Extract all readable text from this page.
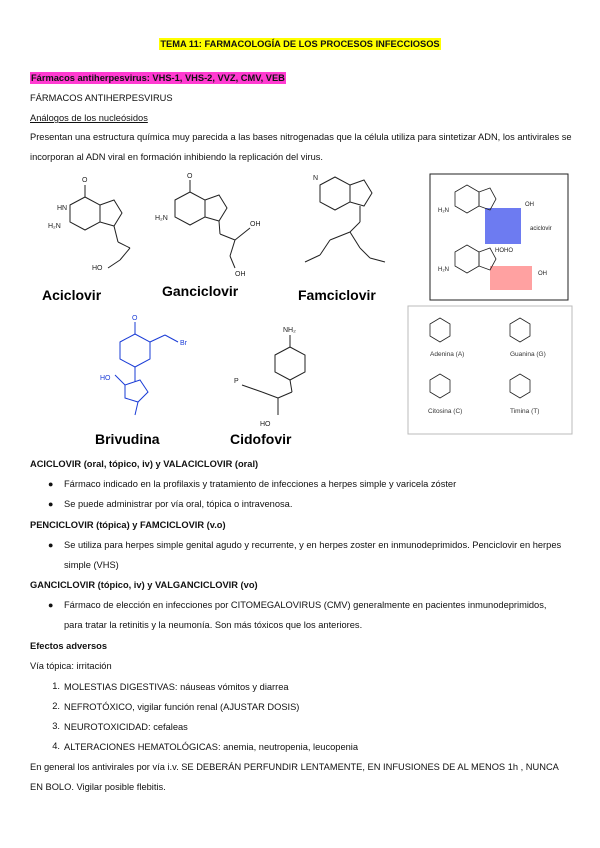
TEMA 11: FARMACOLOGÍA DE LOS PROCESOS INFECCIOSOS
Fármacos antiherpesvirus: VHS-1, VHS-2, VVZ, CMV, VEB
FÁRMACOS ANTIHERPESVIRUS
Análogos de los nucleósidos
Presentan una estructura química muy parecida a las bases nitrogenadas que la célula utiliza para sintetizar ADN, los antivirales se incorporan al ADN viral en formación inhibiendo la replicación del virus.
O
HN
H₂N
HO
O
H₂N
OH
OH
N
O
Br
HO
NH₂
P
HO
Aciclovir	Ganciclovir	Famciclovir
Brivudina	Cidofovir
H₂N
OH
HOHO
aciclovir
H₂N
OH
Adenina (A)	Guanina (G)
Citosina (C)	Timina (T)
ACICLOVIR (oral, tópico, iv) y VALACICLOVIR (oral)
● Fármaco indicado en la profilaxis y tratamiento de infecciones a herpes simple y varicela zóster
● Se puede administrar por vía oral, tópica o intravenosa.
PENCICLOVIR (tópica) y FAMCICLOVIR (v.o)
● Se utiliza para herpes simple genital agudo y recurrente, y en herpes zoster en inmunodeprimidos. Penciclovir en herpes simple (VHS)
GANCICLOVIR (tópico, iv) y VALGANCICLOVIR (vo)
● Fármaco de elección en infecciones por CITOMEGALOVIRUS (CMV) generalmente en pacientes inmunodeprimidos, para tratar la retinitis y la neumonía. Son más tóxicos que los anteriores.
Efectos adversos
Vía tópica: irritación
1. MOLESTIAS DIGESTIVAS: náuseas vómitos y diarrea
2. NEFROTÓXICO, vigilar función renal (AJUSTAR DOSIS)
3. NEUROTOXICIDAD: cefaleas
4. ALTERACIONES HEMATOLÓGICAS: anemia, neutropenia, leucopenia
En general los antivirales por vía i.v. SE DEBERÁN PERFUNDIR LENTAMENTE, EN INFUSIONES DE AL MENOS 1h , NUNCA EN BOLO. Vigilar posible flebitis.
